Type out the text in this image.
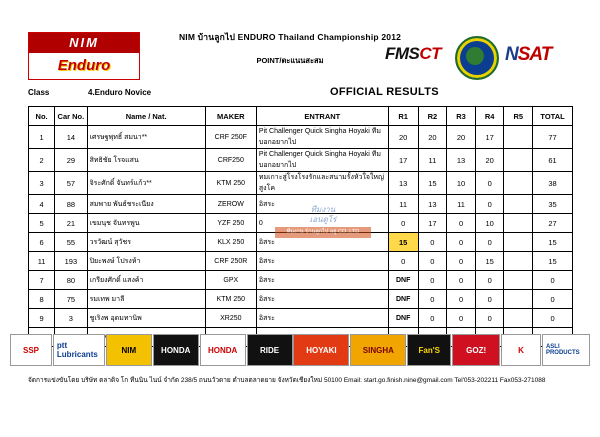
NIM
Enduro
NIM บ้านลูกไป ENDURO Thailand Championship 2012
POINT/ตะแนนสะสม	FMSCT	NSAT
Class	4.Enduro Novice	OFFICIAL RESULTS
No.	Car No.	Name / Nat.	MAKER	ENTRANT	R1	R2	R3	R4	R5	TOTAL
1	14	เศรษฐพุทธิ์ สมนา**	CRF 250F	Pit Challenger Quick Singha Hoyaki ทีมบอกอยากไป	20	20	20	17		77
2	29	สิทธิชัย โรจแสน	CRF250	Pit Challenger Quick Singha Hoyaki ทีมบอกอยากไป	17	11	13	20		61
3	57	จิระศักดิ์ จันทร์แก้ว**	KTM 250	ทมเกาะสู่โรงโรงรักและสนามรั้งหัวใจใหญ่ สูงโค	13	15	10	0		38
4	88	สมพาย พันธ์ชระเนียง	ZEROW	อิสระ	11	13	11	0		35
5	21	เขมนุช จันทรพูน	YZF 250	0	0	17	0	10		27
6	55	วรวัฒน์ สุวัชร	KLX 250	อิสระ	15	0	0	0		15
11	193	ปิยะพงษ์ โปรงห้า	CRF 250R	อิสระ	0	0	0	15		15
7	80	เกรียงศักดิ์ แสงค้า	GPX	อิสระ	DNF	0	0	0		0
8	75	รมเทพ มาลี	KTM 250	อิสระ	DNF	0	0	0		0
9	3	ชูเริงพ อุดมทานิพ	XR250	อิสระ	DNF	0	0	0		0

ทีมงาน
เอนดูโร่
ทีมงาน บ้านลูกไป อยู่ CO.,LTD
SSP	ptt Lubricants	NIM	HONDA	HONDA	RIDE	HOYAKI	SINGHA	Fan'S	GOZ!	K	ASLI PRODUCTS
จัดการแข่งขันโดย บริษัท ตลาดิจ โก ทีนนิน ไนน์ จำกัด 238/5 ถนนวัวดาย ตำบลตลาดยาย จังหวัดเชียงใหม่ 50100 Email: start.go.finish.nine@gmail.com Tel'053-202211 Fax053-271088
